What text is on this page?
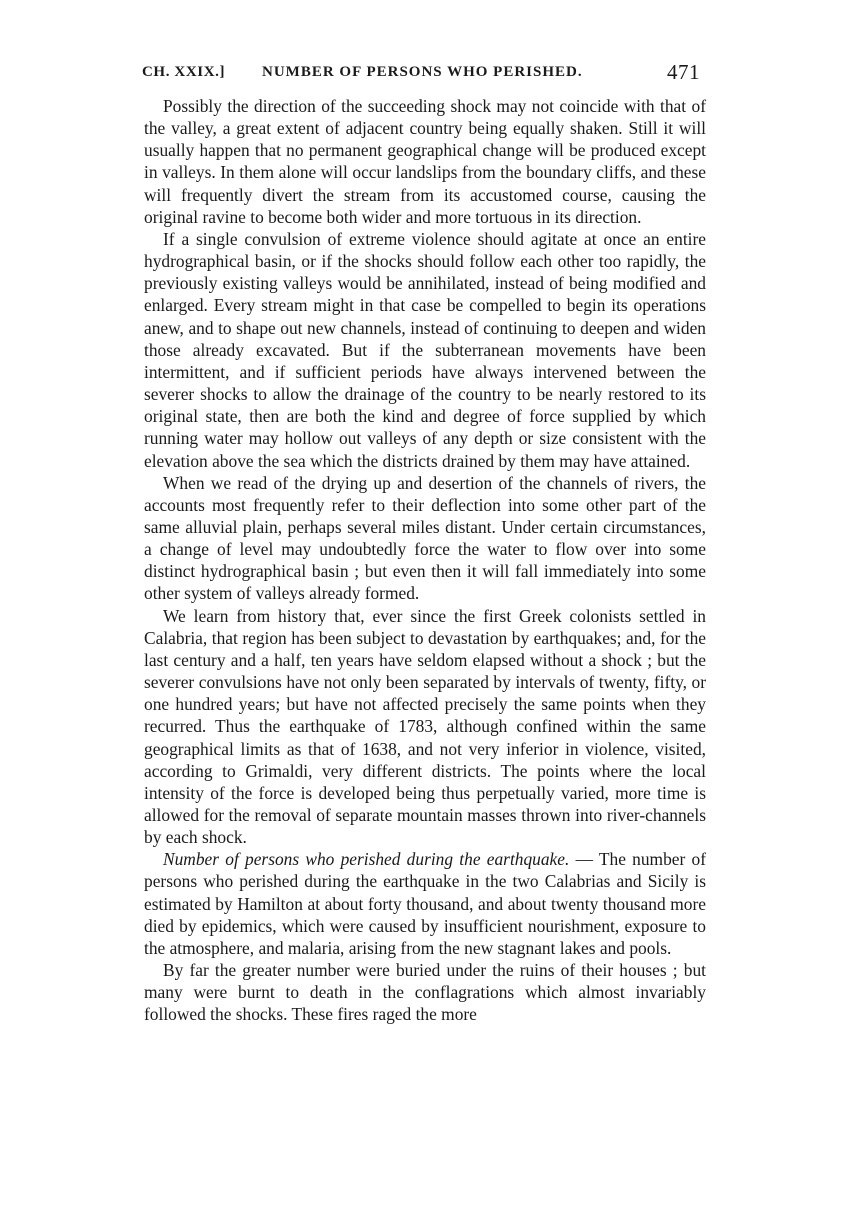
CH. XXIX.] NUMBER OF PERSONS WHO PERISHED.	471

Possibly the direction of the succeeding shock may not coincide with that of the valley, a great extent of adjacent country being equally shaken. Still it will usually happen that no permanent geographical change will be produced except in valleys. In them alone will occur landslips from the boundary cliffs, and these will frequently divert the stream from its accustomed course, causing the original ravine to become both wider and more tortuous in its direction.

If a single convulsion of extreme violence should agitate at once an entire hydrographical basin, or if the shocks should follow each other too rapidly, the previously existing valleys would be annihilated, instead of being modified and enlarged. Every stream might in that case be compelled to begin its operations anew, and to shape out new channels, instead of continuing to deepen and widen those already excavated. But if the subterranean movements have been intermittent, and if sufficient periods have always intervened between the severer shocks to allow the drainage of the country to be nearly restored to its original state, then are both the kind and degree of force supplied by which running water may hollow out valleys of any depth or size consistent with the elevation above the sea which the districts drained by them may have attained.

When we read of the drying up and desertion of the channels of rivers, the accounts most frequently refer to their deflection into some other part of the same alluvial plain, perhaps several miles distant. Under certain circumstances, a change of level may undoubtedly force the water to flow over into some distinct hydrographical basin ; but even then it will fall immediately into some other system of valleys already formed.

We learn from history that, ever since the first Greek colonists settled in Calabria, that region has been subject to devastation by earthquakes; and, for the last century and a half, ten years have seldom elapsed without a shock ; but the severer convulsions have not only been separated by intervals of twenty, fifty, or one hundred years; but have not affected precisely the same points when they recurred. Thus the earthquake of 1783, although confined within the same geographical limits as that of 1638, and not very inferior in violence, visited, according to Grimaldi, very different districts. The points where the local intensity of the force is developed being thus perpetually varied, more time is allowed for the removal of separate mountain masses thrown into river-channels by each shock.

Number of persons who perished during the earthquake. — The number of persons who perished during the earthquake in the two Calabrias and Sicily is estimated by Hamilton at about forty thousand, and about twenty thousand more died by epidemics, which were caused by insufficient nourishment, exposure to the atmosphere, and malaria, arising from the new stagnant lakes and pools.

By far the greater number were buried under the ruins of their houses ; but many were burnt to death in the conflagrations which almost invariably followed the shocks. These fires raged the more
